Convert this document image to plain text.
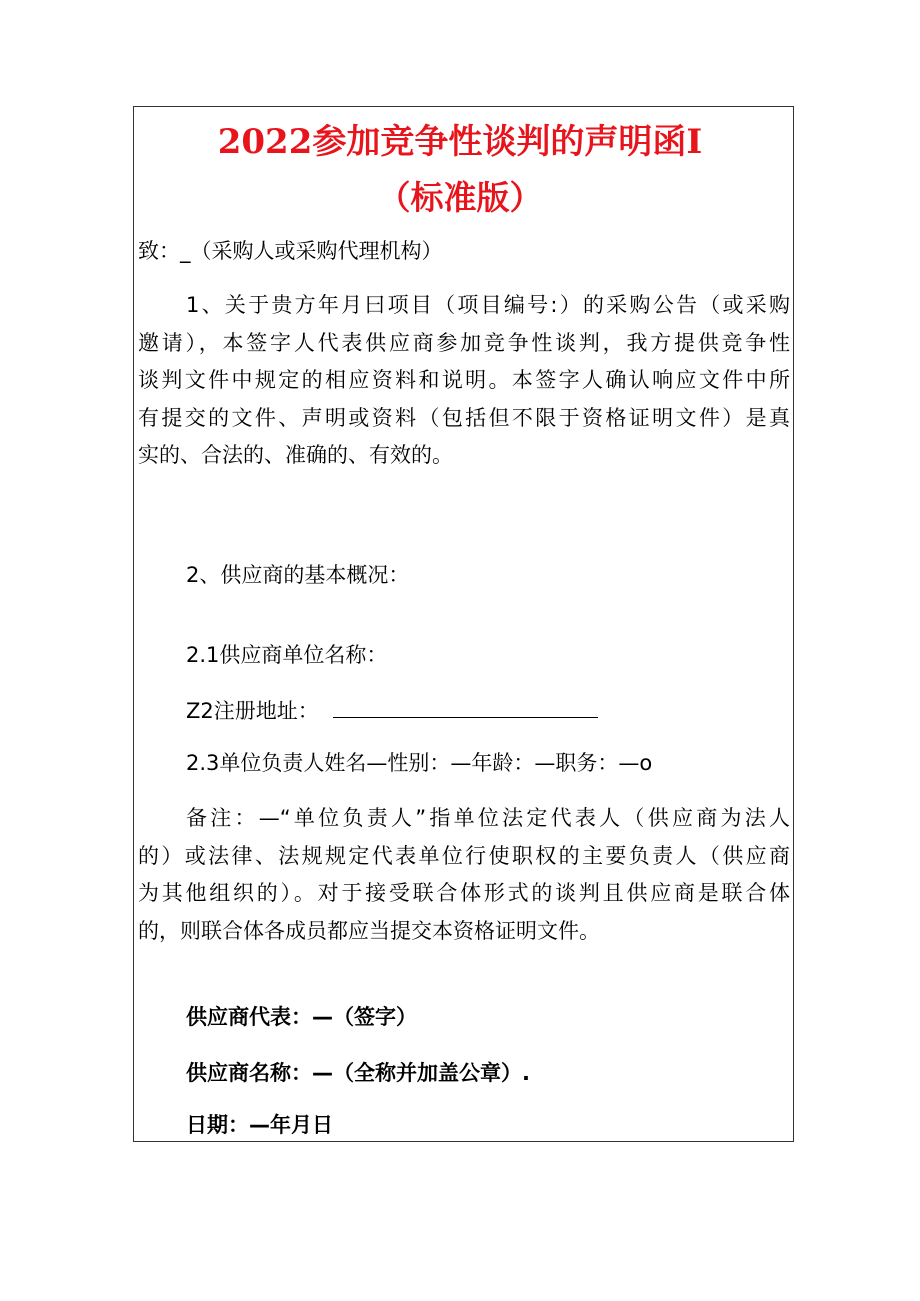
2022参加竞争性谈判的声明函I
（标准版）
致：_（采购人或采购代理机构）
1、关于贵方年月曰项目（项目编号:）的采购公告（或采购
邀请），本签字人代表供应商参加竞争性谈判，我方提供竞争性
谈判文件中规定的相应资料和说明。本签字人确认响应文件中所
有提交的文件、声明或资料（包括但不限于资格证明文件）是真
实的、合法的、准确的、有效的。
2、供应商的基本概况：
2.1供应商单位名称：
Z2注册地址：
2.3单位负责人姓名—性别：—年龄：—职务：—o
备注：—“单位负责人”指单位法定代表人（供应商为法人
的）或法律、法规规定代表单位行使职权的主要负责人（供应商
为其他组织的）。对于接受联合体形式的谈判且供应商是联合体
的，则联合体各成员都应当提交本资格证明文件。
供应商代表：—（签字）
供应商名称：—（全称并加盖公章）.
日期：—年月日
